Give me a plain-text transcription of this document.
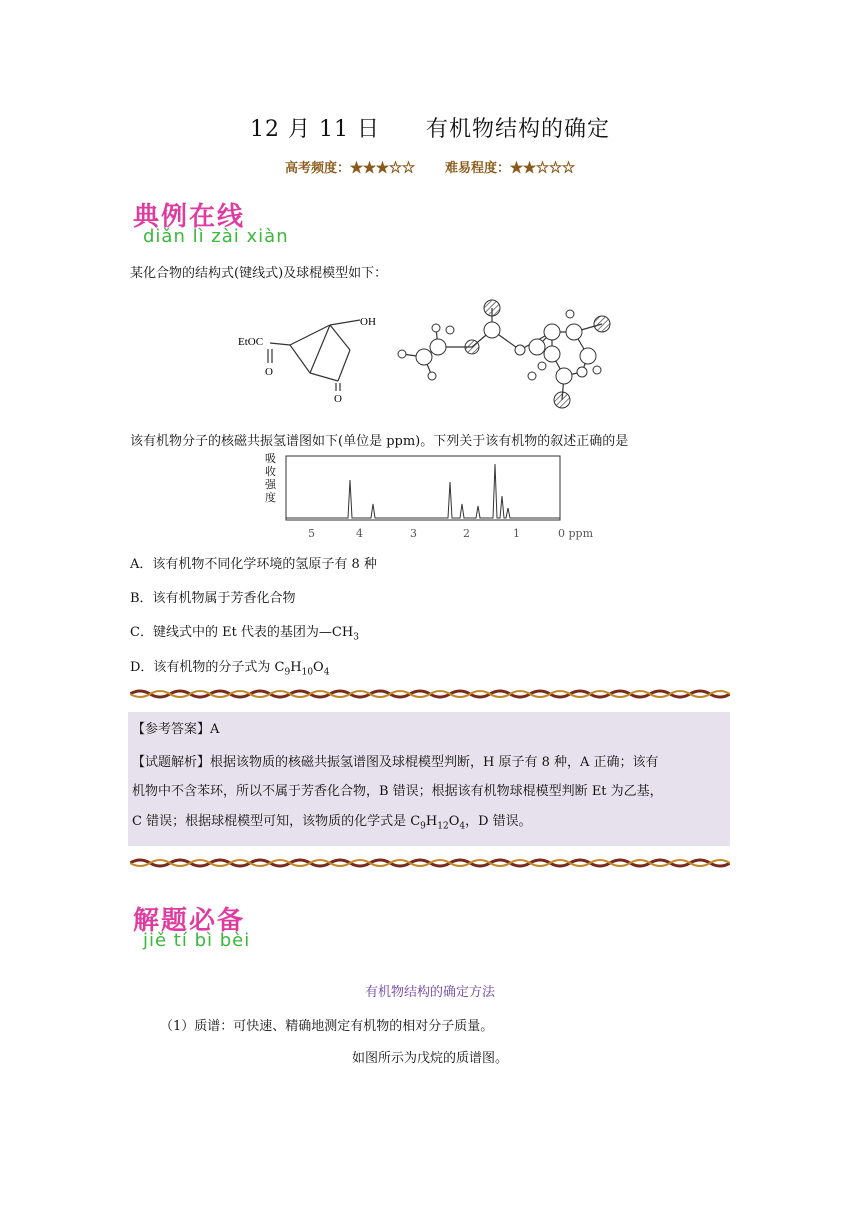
12 月 11 日 有机物结构的确定
高考频度：★★★☆☆ 难易程度：★★☆☆☆
典例在线
diǎn lì zài xiàn
某化合物的结构式(键线式)及球棍模型如下：
OH
EtOC
O
O
该有机物分子的核磁共振氢谱图如下(单位是 ppm)。下列关于该有机物的叙述正确的是
吸
收
强
度
5	4	3	2	1	0 ppm
A．该有机物不同化学环境的氢原子有 8 种
B．该有机物属于芳香化合物
C．键线式中的 Et 代表的基团为$—CH_3$
D．该有机物的分子式为 $C_9H_{10}O_4$

【参考答案】A

【试题解析】根据该物质的核磁共振氢谱图及球棍模型判断，H 原子有 8 种，A 正确；该有

机物中不含苯环，所以不属于芳香化合物，B 错误；根据该有机物球棍模型判断 Et 为乙基，

C 错误；根据球棍模型可知，该物质的化学式是 $C_9H_{12}O_4$，D 错误。

解题必备
jiě tí bì bèi
有机物结构的确定方法
（1）质谱：可快速、精确地测定有机物的相对分子质量。
如图所示为戊烷的质谱图。
